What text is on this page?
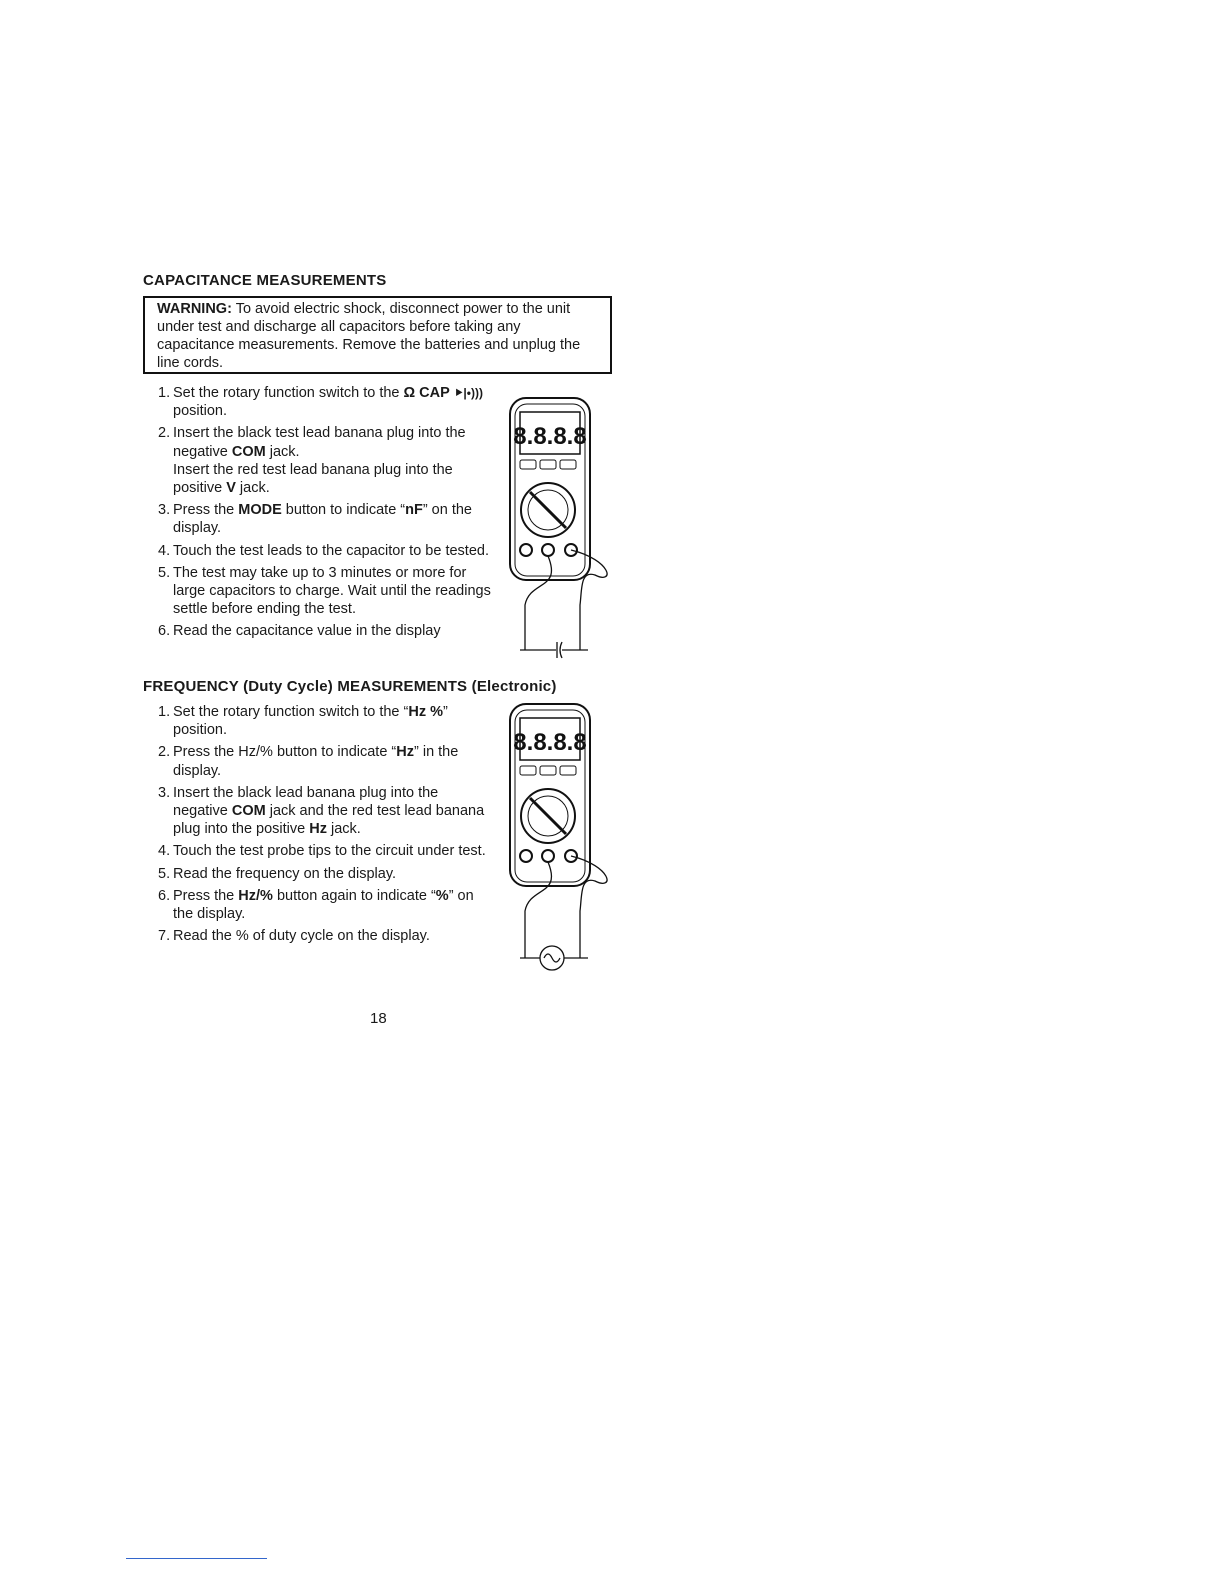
CAPACITANCE MEASUREMENTS
WARNING: To avoid electric shock, disconnect power to the unit under test and discharge all capacitors before taking any capacitance measurements. Remove the batteries and unplug the line cords.
1. Set the rotary function switch to the Ω CAP ⯈|•)))
position.
2. Insert the black test lead banana plug into the negative COM jack.
Insert the red test lead banana plug into the positive V jack.
3. Press the MODE button to indicate “nF” on the display.
4. Touch the test leads to the capacitor to be tested.
5. The test may take up to 3 minutes or more for large capacitors to charge. Wait until the readings settle before ending the test.
6. Read the capacitance value in the display
FREQUENCY (Duty Cycle) MEASUREMENTS (Electronic)
1. Set the rotary function switch to the “Hz %” position.
2. Press the Hz/% button to indicate “Hz” in the display.
3. Insert the black lead banana plug into the negative COM jack and the red test lead banana plug into the positive Hz jack.
4. Touch the test probe tips to the circuit under test.
5. Read the frequency on the display.
6. Press the Hz/% button again to indicate “%” on the display.
7. Read the % of duty cycle on the display.
8.8.8.8
8.8.8.8
18
